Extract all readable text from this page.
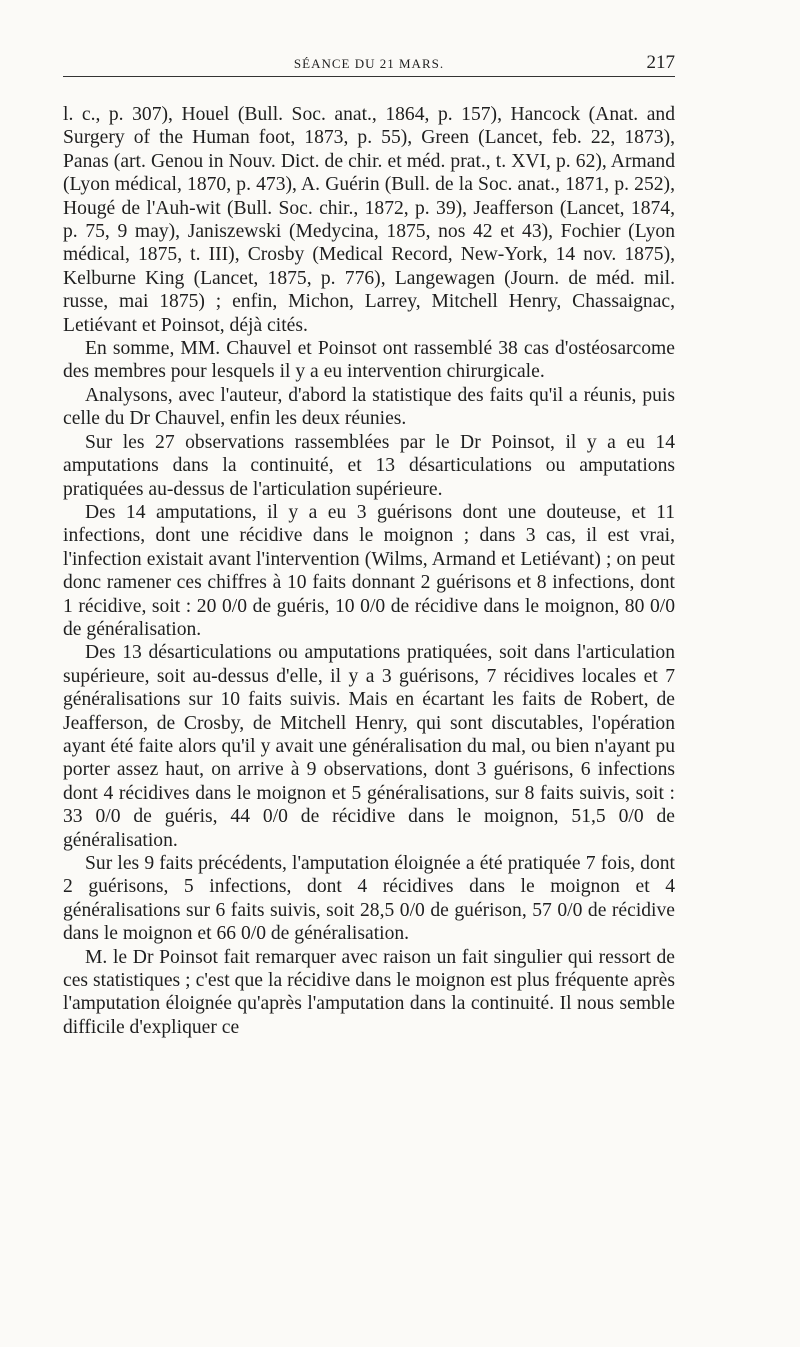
SÉANCE DU 21 MARS.	217

l. c., p. 307), Houel (Bull. Soc. anat., 1864, p. 157), Hancock (Anat. and Surgery of the Human foot, 1873, p. 55), Green (Lancet, feb. 22, 1873), Panas (art. Genou in Nouv. Dict. de chir. et méd. prat., t. XVI, p. 62), Armand (Lyon médical, 1870, p. 473), A. Guérin (Bull. de la Soc. anat., 1871, p. 252), Hougé de l'Auh-wit (Bull. Soc. chir., 1872, p. 39), Jeafferson (Lancet, 1874, p. 75, 9 may), Janiszewski (Medycina, 1875, nos 42 et 43), Fochier (Lyon médical, 1875, t. III), Crosby (Medical Record, New-York, 14 nov. 1875), Kelburne King (Lancet, 1875, p. 776), Langewagen (Journ. de méd. mil. russe, mai 1875) ; enfin, Michon, Larrey, Mitchell Henry, Chassaignac, Letiévant et Poinsot, déjà cités.

En somme, MM. Chauvel et Poinsot ont rassemblé 38 cas d'ostéosarcome des membres pour lesquels il y a eu intervention chirurgicale.

Analysons, avec l'auteur, d'abord la statistique des faits qu'il a réunis, puis celle du Dr Chauvel, enfin les deux réunies.

Sur les 27 observations rassemblées par le Dr Poinsot, il y a eu 14 amputations dans la continuité, et 13 désarticulations ou amputations pratiquées au-dessus de l'articulation supérieure.

Des 14 amputations, il y a eu 3 guérisons dont une douteuse, et 11 infections, dont une récidive dans le moignon ; dans 3 cas, il est vrai, l'infection existait avant l'intervention (Wilms, Armand et Letiévant) ; on peut donc ramener ces chiffres à 10 faits donnant 2 guérisons et 8 infections, dont 1 récidive, soit : 20 0/0 de guéris, 10 0/0 de récidive dans le moignon, 80 0/0 de généralisation.

Des 13 désarticulations ou amputations pratiquées, soit dans l'articulation supérieure, soit au-dessus d'elle, il y a 3 guérisons, 7 récidives locales et 7 généralisations sur 10 faits suivis. Mais en écartant les faits de Robert, de Jeafferson, de Crosby, de Mitchell Henry, qui sont discutables, l'opération ayant été faite alors qu'il y avait une généralisation du mal, ou bien n'ayant pu porter assez haut, on arrive à 9 observations, dont 3 guérisons, 6 infections dont 4 récidives dans le moignon et 5 généralisations, sur 8 faits suivis, soit : 33 0/0 de guéris, 44 0/0 de récidive dans le moignon, 51,5 0/0 de généralisation.

Sur les 9 faits précédents, l'amputation éloignée a été pratiquée 7 fois, dont 2 guérisons, 5 infections, dont 4 récidives dans le moignon et 4 généralisations sur 6 faits suivis, soit 28,5 0/0 de guérison, 57 0/0 de récidive dans le moignon et 66 0/0 de généralisation.

M. le Dr Poinsot fait remarquer avec raison un fait singulier qui ressort de ces statistiques ; c'est que la récidive dans le moignon est plus fréquente après l'amputation éloignée qu'après l'amputation dans la continuité. Il nous semble difficile d'expliquer ce
